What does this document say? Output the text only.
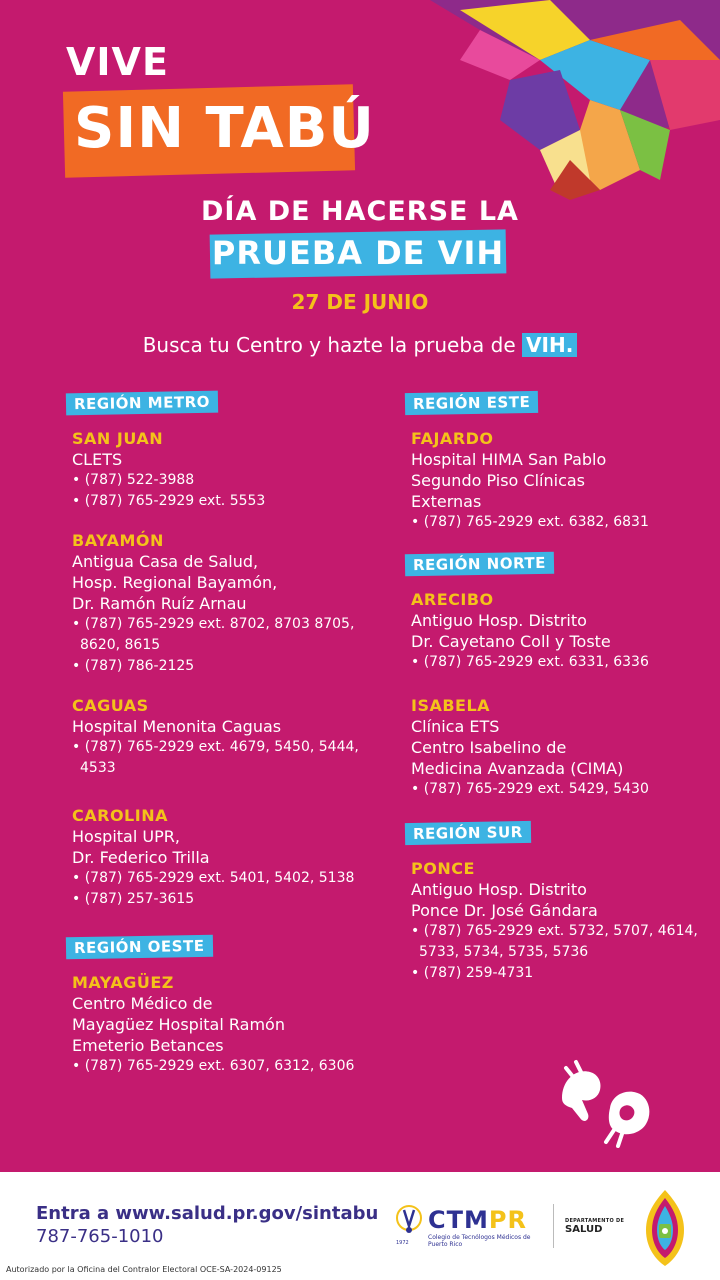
VIVE
SIN TABÚ
DÍA DE HACERSE LA
PRUEBA DE VIH
27 DE JUNIO
Busca tu Centro y hazte la prueba de VIH.
REGIÓN METRO
SAN JUAN
CLETS
• (787) 522-3988
• (787) 765-2929 ext. 5553
BAYAMÓN
Antigua Casa de Salud,
Hosp. Regional Bayamón,
Dr. Ramón Ruíz Arnau
• (787) 765-2929 ext. 8702, 8703 8705, 8620, 8615
• (787) 786-2125
CAGUAS
Hospital Menonita Caguas
• (787) 765-2929 ext. 4679, 5450, 5444, 4533
CAROLINA
Hospital UPR,
Dr. Federico Trilla
• (787) 765-2929 ext. 5401, 5402, 5138
• (787) 257-3615
REGIÓN OESTE
MAYAGÜEZ
Centro Médico de
Mayagüez Hospital Ramón
Emeterio Betances
• (787) 765-2929 ext. 6307, 6312, 6306
REGIÓN ESTE
FAJARDO
Hospital HIMA San Pablo
Segundo Piso Clínicas
Externas
• (787) 765-2929 ext. 6382, 6831
REGIÓN NORTE
ARECIBO
Antiguo Hosp. Distrito
Dr. Cayetano Coll y Toste
• (787) 765-2929 ext. 6331, 6336
ISABELA
Clínica ETS
Centro Isabelino de
Medicina Avanzada (CIMA)
• (787) 765-2929 ext. 5429, 5430
REGIÓN SUR
PONCE
Antiguo Hosp. Distrito
Ponce Dr. José Gándara
• (787) 765-2929 ext. 5732, 5707, 4614, 5733, 5734, 5735, 5736
• (787) 259-4731
Entra a www.salud.pr.gov/sintabu
787-765-1010
Autorizado por la Oficina del Contralor Electoral OCE-SA-2024-09125
CTMPR
Colegio de Tecnólogos Médicos de Puerto Rico
1972
DEPARTAMENTO DE
SALUD
